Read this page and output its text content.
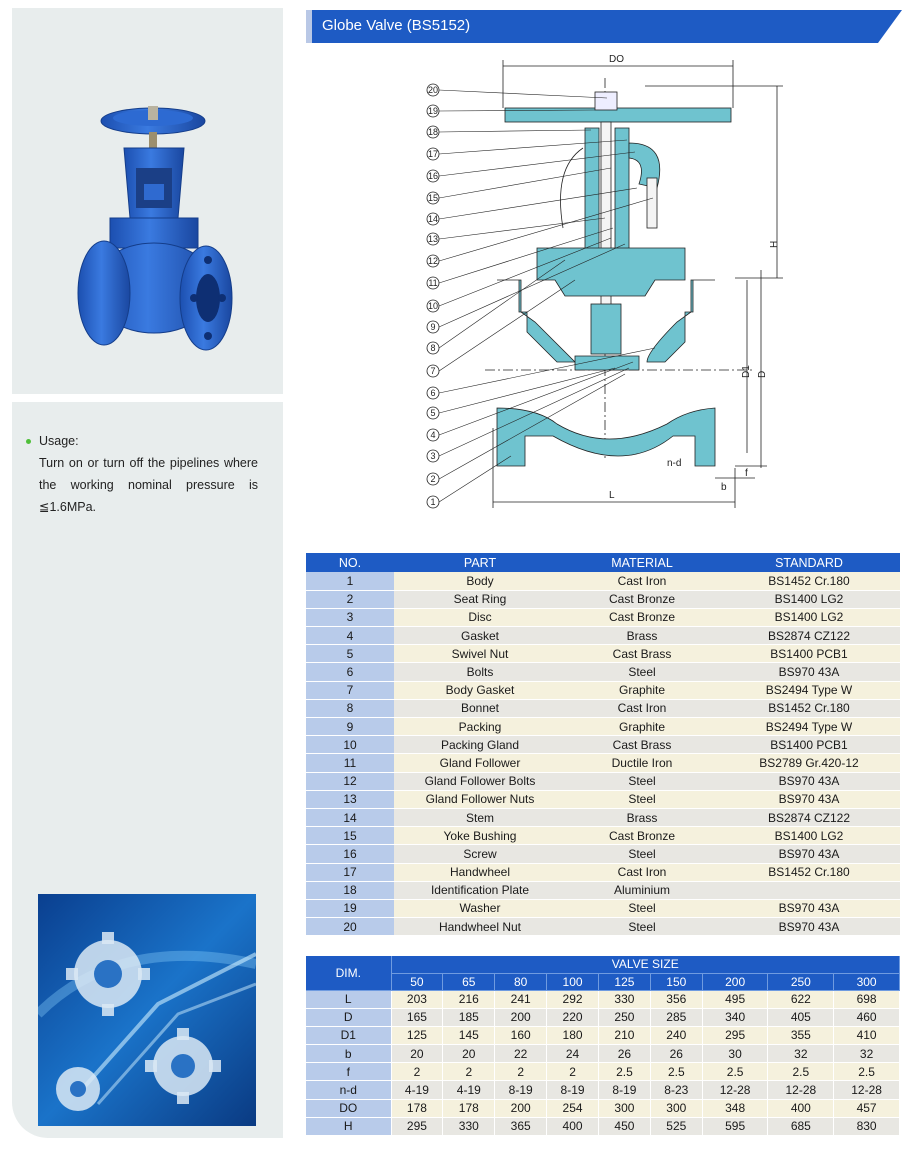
Usage:
Turn on or turn off the pipelines where the working nominal pressure is ≦1.6MPa.
Globe Valve (BS5152)
20
19
18
17
16
15
14
13
12
11
10
9
8
7
6
5
4
3
2
1
DO
H
D1 D
L
n-d
b
f
NO.	PART	MATERIAL	STANDARD
1	Body	Cast Iron	BS1452 Cr.180
2	Seat Ring	Cast Bronze	BS1400 LG2
3	Disc	Cast Bronze	BS1400 LG2
4	Gasket	Brass	BS2874 CZ122
5	Swivel Nut	Cast Brass	BS1400 PCB1
6	Bolts	Steel	BS970 43A
7	Body Gasket	Graphite	BS2494 Type W
8	Bonnet	Cast Iron	BS1452 Cr.180
9	Packing	Graphite	BS2494 Type W
10	Packing Gland	Cast Brass	BS1400 PCB1
11	Gland Follower	Ductile Iron	BS2789 Gr.420-12
12	Gland Follower Bolts	Steel	BS970 43A
13	Gland Follower Nuts	Steel	BS970 43A
14	Stem	Brass	BS2874 CZ122
15	Yoke Bushing	Cast Bronze	BS1400 LG2
16	Screw	Steel	BS970 43A
17	Handwheel	Cast Iron	BS1452 Cr.180
18	Identification Plate	Aluminium	
19	Washer	Steel	BS970 43A
20	Handwheel Nut	Steel	BS970 43A
DIM.	VALVE SIZE								
	50	65	80	100	125	150	200	250	300
L	203	216	241	292	330	356	495	622	698
D	165	185	200	220	250	285	340	405	460
D1	125	145	160	180	210	240	295	355	410
b	20	20	22	24	26	26	30	32	32
f	2	2	2	2	2.5	2.5	2.5	2.5	2.5
n-d	4-19	4-19	8-19	8-19	8-19	8-23	12-28	12-28	12-28
DO	178	178	200	254	300	300	348	400	457
H	295	330	365	400	450	525	595	685	830
